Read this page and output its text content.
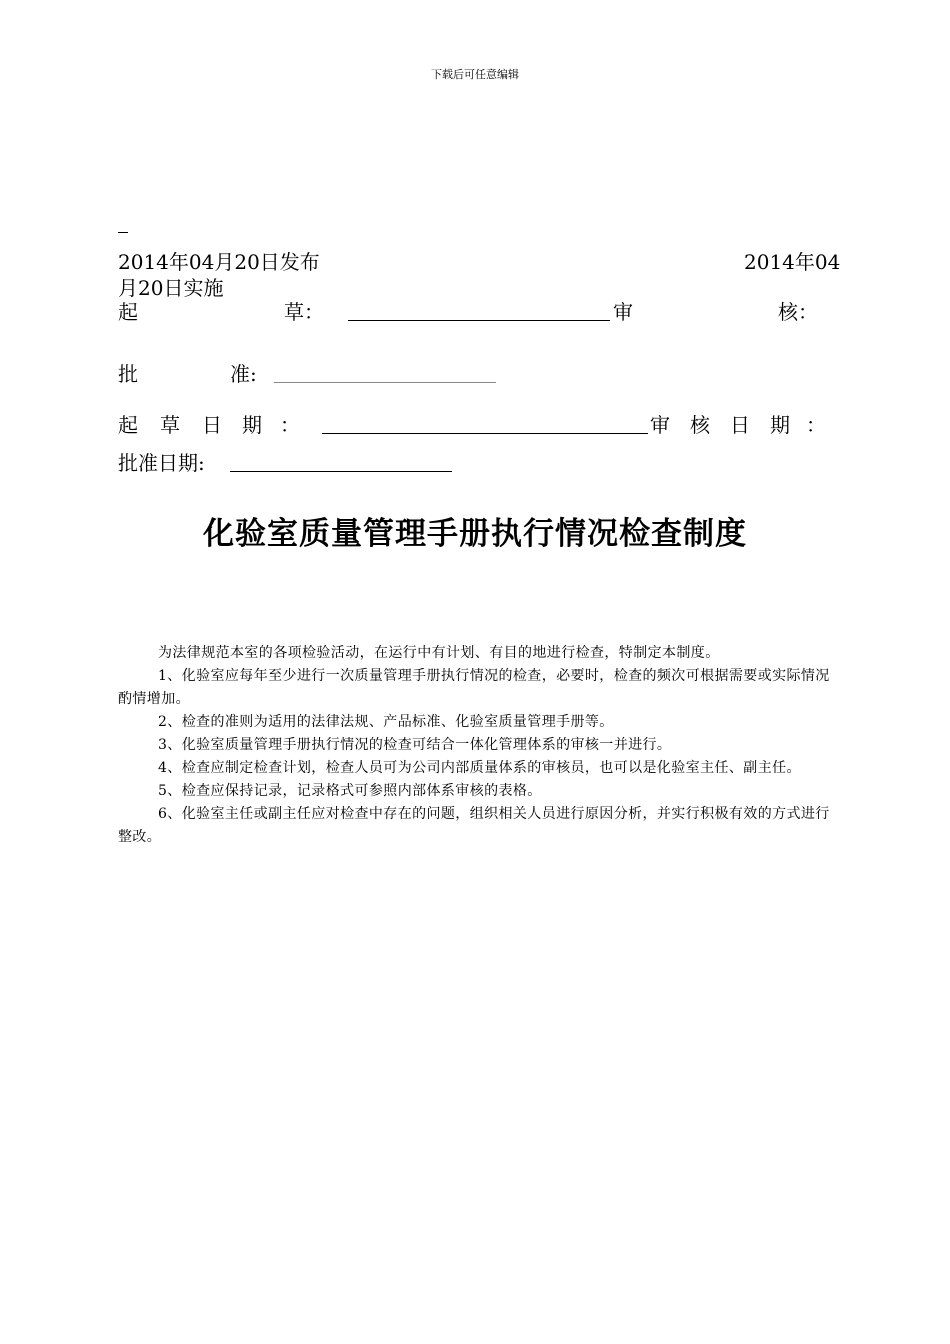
下载后可任意编辑
2014年04月20日发布	2014年04
月20日实施
起	草：	审	核：
批	准:
起 草 日 期 ：	审 核 日 期 ：
批准日期:
化验室质量管理手册执行情况检查制度

为法律规范本室的各项检验活动，在运行中有计划、有目的地进行检查，特制定本制度。

1、化验室应每年至少进行一次质量管理手册执行情况的检查，必要时，检查的频次可根据需要或实际情况酌情增加。

2、检查的准则为适用的法律法规、产品标准、化验室质量管理手册等。

3、化验室质量管理手册执行情况的检查可结合一体化管理体系的审核一并进行。

4、检查应制定检查计划，检查人员可为公司内部质量体系的审核员，也可以是化验室主任、副主任。

5、检查应保持记录，记录格式可参照内部体系审核的表格。

6、化验室主任或副主任应对检查中存在的问题，组织相关人员进行原因分析，并实行积极有效的方式进行整改。
